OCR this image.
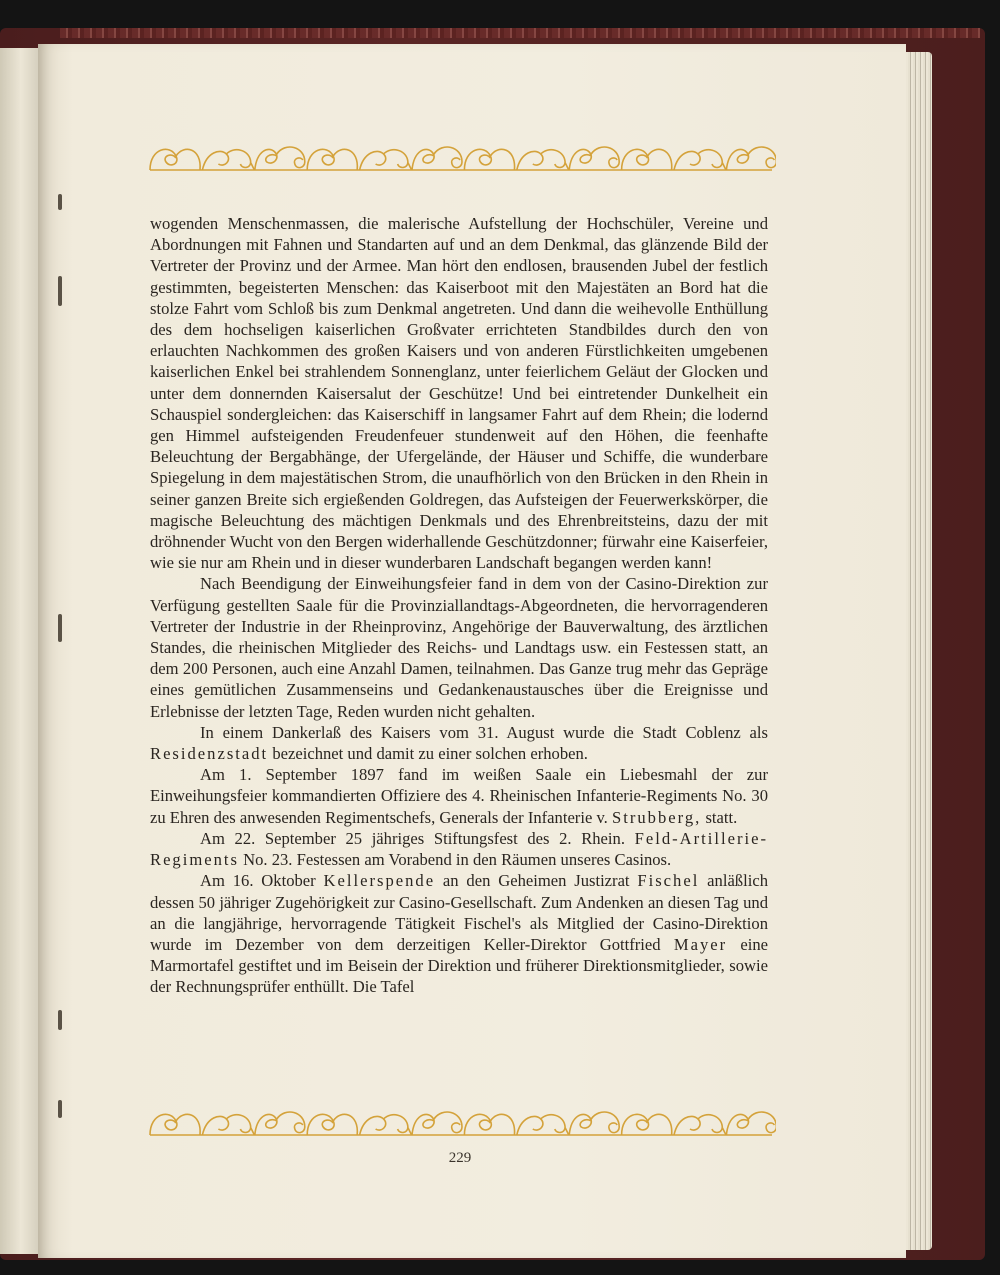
wogenden Menschenmassen, die malerische Aufstellung der Hochschüler, Vereine und Abordnungen mit Fahnen und Standarten auf und an dem Denkmal, das glänzende Bild der Vertreter der Provinz und der Armee. Man hört den endlosen, brausenden Jubel der festlich gestimmten, begeisterten Menschen: das Kaiserboot mit den Majestäten an Bord hat die stolze Fahrt vom Schloß bis zum Denkmal angetreten. Und dann die weihevolle Enthüllung des dem hochseligen kaiserlichen Großvater errichteten Standbildes durch den von erlauchten Nachkommen des großen Kaisers und von anderen Fürstlichkeiten umgebenen kaiserlichen Enkel bei strahlendem Sonnenglanz, unter feierlichem Geläut der Glocken und unter dem donnernden Kaisersalut der Geschütze! Und bei eintretender Dunkelheit ein Schauspiel sondergleichen: das Kaiserschiff in langsamer Fahrt auf dem Rhein; die lodernd gen Himmel aufsteigenden Freudenfeuer stundenweit auf den Höhen, die feenhafte Beleuchtung der Bergabhänge, der Ufergelände, der Häuser und Schiffe, die wunderbare Spiegelung in dem majestätischen Strom, die unaufhörlich von den Brücken in den Rhein in seiner ganzen Breite sich ergießenden Goldregen, das Aufsteigen der Feuerwerkskörper, die magische Beleuchtung des mächtigen Denkmals und des Ehrenbreitsteins, dazu der mit dröhnender Wucht von den Bergen widerhallende Geschützdonner; fürwahr eine Kaiserfeier, wie sie nur am Rhein und in dieser wunderbaren Landschaft begangen werden kann!

Nach Beendigung der Einweihungsfeier fand in dem von der Casino-Direktion zur Verfügung gestellten Saale für die Provinziallandtags-Abgeordneten, die hervorragenderen Vertreter der Industrie in der Rheinprovinz, Angehörige der Bauverwaltung, des ärztlichen Standes, die rheinischen Mitglieder des Reichs- und Landtags usw. ein Festessen statt, an dem 200 Personen, auch eine Anzahl Damen, teilnahmen. Das Ganze trug mehr das Gepräge eines gemütlichen Zusammenseins und Gedankenaustausches über die Ereignisse und Erlebnisse der letzten Tage, Reden wurden nicht gehalten.

In einem Dankerlaß des Kaisers vom 31. August wurde die Stadt Coblenz als Residenzstadt bezeichnet und damit zu einer solchen erhoben.

Am 1. September 1897 fand im weißen Saale ein Liebesmahl der zur Einweihungsfeier kommandierten Offiziere des 4. Rheinischen Infanterie-Regiments No. 30 zu Ehren des anwesenden Regimentschefs, Generals der Infanterie v. Strubberg, statt.

Am 22. September 25 jähriges Stiftungsfest des 2. Rhein. Feld-Artillerie-Regiments No. 23. Festessen am Vorabend in den Räumen unseres Casinos.

Am 16. Oktober Kellerspende an den Geheimen Justizrat Fischel anläßlich dessen 50 jähriger Zugehörigkeit zur Casino-Gesellschaft. Zum Andenken an diesen Tag und an die langjährige, hervorragende Tätigkeit Fischel's als Mitglied der Casino-Direktion wurde im Dezember von dem derzeitigen Keller-Direktor Gottfried Mayer eine Marmortafel gestiftet und im Beisein der Direktion und früherer Direktionsmitglieder, sowie der Rechnungsprüfer enthüllt. Die Tafel

229
